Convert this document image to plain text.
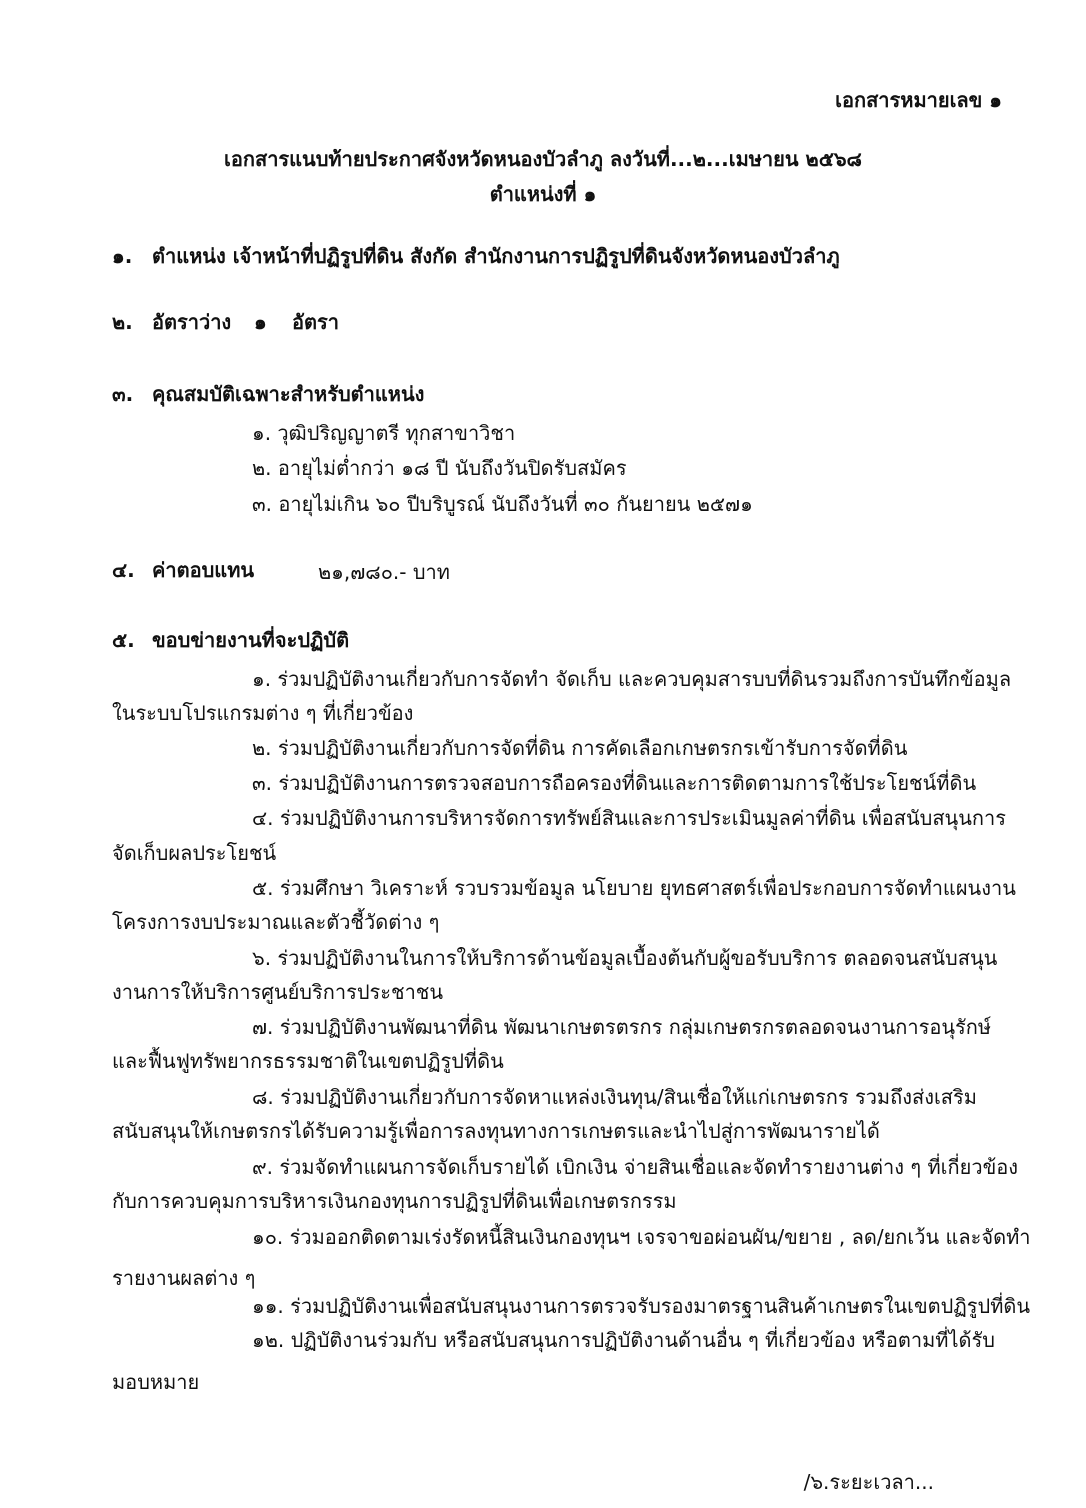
เอกสารหมายเลข ๑
เอกสารแนบท้ายประกาศจังหวัดหนองบัวลำภู ลงวันที่...๒...เมษายน ๒๕๖๘
ตำแหน่งที่ ๑
๑. ตำแหน่ง เจ้าหน้าที่ปฏิรูปที่ดิน สังกัด สำนักงานการปฏิรูปที่ดินจังหวัดหนองบัวลำภู
๒. อัตราว่าง ๑ อัตรา
๓. คุณสมบัติเฉพาะสำหรับตำแหน่ง
๑. วุฒิปริญญาตรี ทุกสาขาวิชา
๒. อายุไม่ต่ำกว่า ๑๘ ปี นับถึงวันปิดรับสมัคร
๓. อายุไม่เกิน ๖๐ ปีบริบูรณ์ นับถึงวันที่ ๓๐ กันยายน ๒๕๗๑
๔. ค่าตอบแทน	๒๑,๗๘๐.- บาท
๕. ขอบข่ายงานที่จะปฏิบัติ
๑. ร่วมปฏิบัติงานเกี่ยวกับการจัดทำ จัดเก็บ และควบคุมสารบบที่ดินรวมถึงการบันทึกข้อมูล
ในระบบโปรแกรมต่าง ๆ ที่เกี่ยวข้อง
๒. ร่วมปฏิบัติงานเกี่ยวกับการจัดที่ดิน การคัดเลือกเกษตรกรเข้ารับการจัดที่ดิน
๓. ร่วมปฏิบัติงานการตรวจสอบการถือครองที่ดินและการติดตามการใช้ประโยชน์ที่ดิน
๔. ร่วมปฏิบัติงานการบริหารจัดการทรัพย์สินและการประเมินมูลค่าที่ดิน เพื่อสนับสนุนการ
จัดเก็บผลประโยชน์
๕. ร่วมศึกษา วิเคราะห์ รวบรวมข้อมูล นโยบาย ยุทธศาสตร์เพื่อประกอบการจัดทำแผนงาน
โครงการงบประมาณและตัวชี้วัดต่าง ๆ
๖. ร่วมปฏิบัติงานในการให้บริการด้านข้อมูลเบื้องต้นกับผู้ขอรับบริการ ตลอดจนสนับสนุน
งานการให้บริการศูนย์บริการประชาชน
๗. ร่วมปฏิบัติงานพัฒนาที่ดิน พัฒนาเกษตรตรกร กลุ่มเกษตรกรตลอดจนงานการอนุรักษ์
และฟื้นฟูทรัพยากรธรรมชาติในเขตปฏิรูปที่ดิน
๘. ร่วมปฏิบัติงานเกี่ยวกับการจัดหาแหล่งเงินทุน/สินเชื่อให้แก่เกษตรกร รวมถึงส่งเสริม
สนับสนุนให้เกษตรกรได้รับความรู้เพื่อการลงทุนทางการเกษตรและนำไปสู่การพัฒนารายได้
๙. ร่วมจัดทำแผนการจัดเก็บรายได้ เบิกเงิน จ่ายสินเชื่อและจัดทำรายงานต่าง ๆ ที่เกี่ยวข้อง
กับการควบคุมการบริหารเงินกองทุนการปฏิรูปที่ดินเพื่อเกษตรกรรม
๑๐. ร่วมออกติดตามเร่งรัดหนี้สินเงินกองทุนฯ เจรจาขอผ่อนผัน/ขยาย , ลด/ยกเว้น และจัดทำ
รายงานผลต่าง ๆ
๑๑. ร่วมปฏิบัติงานเพื่อสนับสนุนงานการตรวจรับรองมาตรฐานสินค้าเกษตรในเขตปฏิรูปที่ดิน
๑๒. ปฏิบัติงานร่วมกับ หรือสนับสนุนการปฏิบัติงานด้านอื่น ๆ ที่เกี่ยวข้อง หรือตามที่ได้รับ
มอบหมาย
/๖.ระยะเวลา...
